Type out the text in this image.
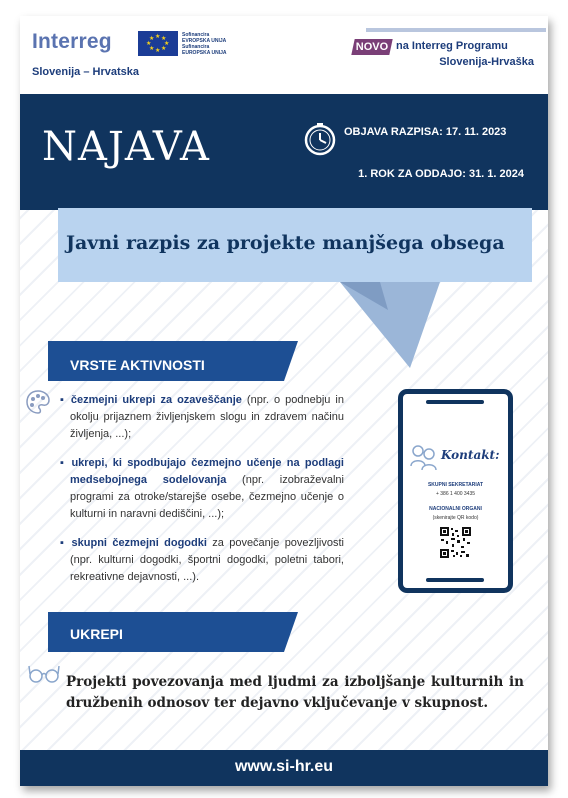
Interreg
Slovenija – Hrvatska
★ ★
★
★
★
★
★
★
Sofinancira
EVROPSKA UNIJA
Sufinancira
EUROPSKA UNIJA	NOVO na Interreg Programu
Slovenija-Hrvaška
NAJAVA	OBJAVA RAZPISA: 17. 11. 2023
1. ROK ZA ODDAJO: 31. 1. 2024
Javni razpis za projekte manjšega obsega
VRSTE AKTIVNOSTI
▪ čezmejni ukrepi za ozaveščanje (npr. o podnebju in okolju prijaznem življenjskem slogu in zdravem načinu življenja, ...);
▪ ukrepi, ki spodbujajo čezmejno učenje na podlagi medsebojnega sodelovanja (npr. izobraževalni programi za otroke/starejše osebe, čezmejno učenje o kulturni in naravni dediščini, ...);
▪ skupni čezmejni dogodki za povečanje povezljivosti (npr. kulturni dogodki, športni dogodki, poletni tabori, rekreativne dejavnosti, ...).
Kontakt:
SKUPNI SEKRETARIAT
+ 386 1 400 3435
NACIONALNI ORGANI
(skenirajte QR kodo)
UKREPI
Projekti povezovanja med ljudmi za izboljšanje kulturnih in družbenih odnosov ter dejavno vključevanje v skupnost.
www.si-hr.eu
